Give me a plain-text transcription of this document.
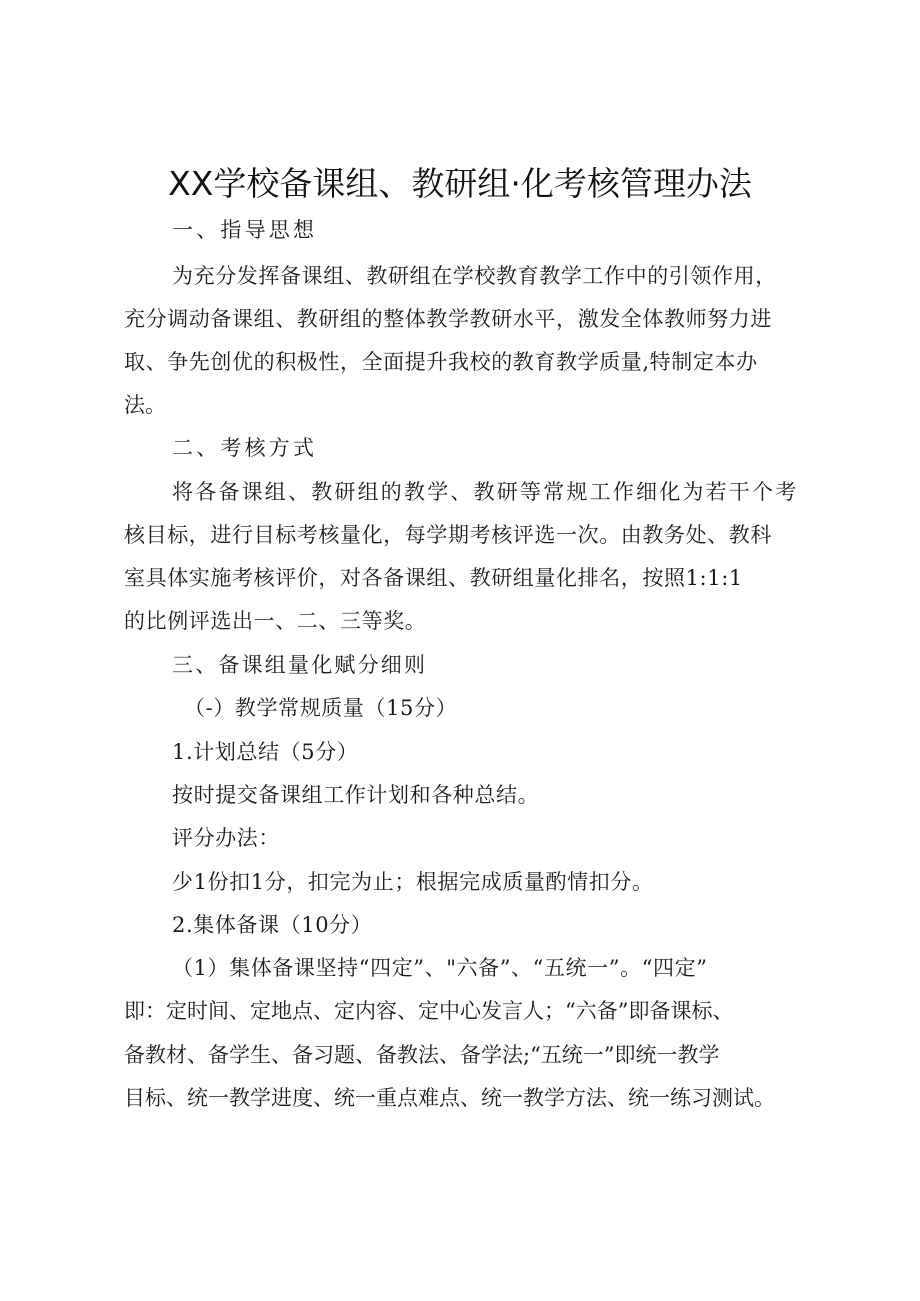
XX学校备课组、教研组·化考核管理办法
一、指导思想
为充分发挥备课组、教研组在学校教育教学工作中的引领作用，
充分调动备课组、教研组的整体教学教研水平，激发全体教师努力进
取、争先创优的积极性，全面提升我校的教育教学质量,特制定本办
法。
二、考核方式
将各备课组、教研组的教学、教研等常规工作细化为若干个考
核目标，进行目标考核量化，每学期考核评选一次。由教务处、教科
室具体实施考核评价，对各备课组、教研组量化排名，按照1:1:1
的比例评选出一、二、三等奖。
三、备课组量化赋分细则
（-）教学常规质量（15分）
1.计划总结（5分）
按时提交备课组工作计划和各种总结。
评分办法：
少1份扣1分，扣完为止；根据完成质量酌情扣分。
2.集体备课（10分）
（1）集体备课坚持“四定”、"六备”、“五统一”。“四定”
即：定时间、定地点、定内容、定中心发言人；“六备”即备课标、
备教材、备学生、备习题、备教法、备学法;“五统一”即统一教学
目标、统一教学进度、统一重点难点、统一教学方法、统一练习测试。
